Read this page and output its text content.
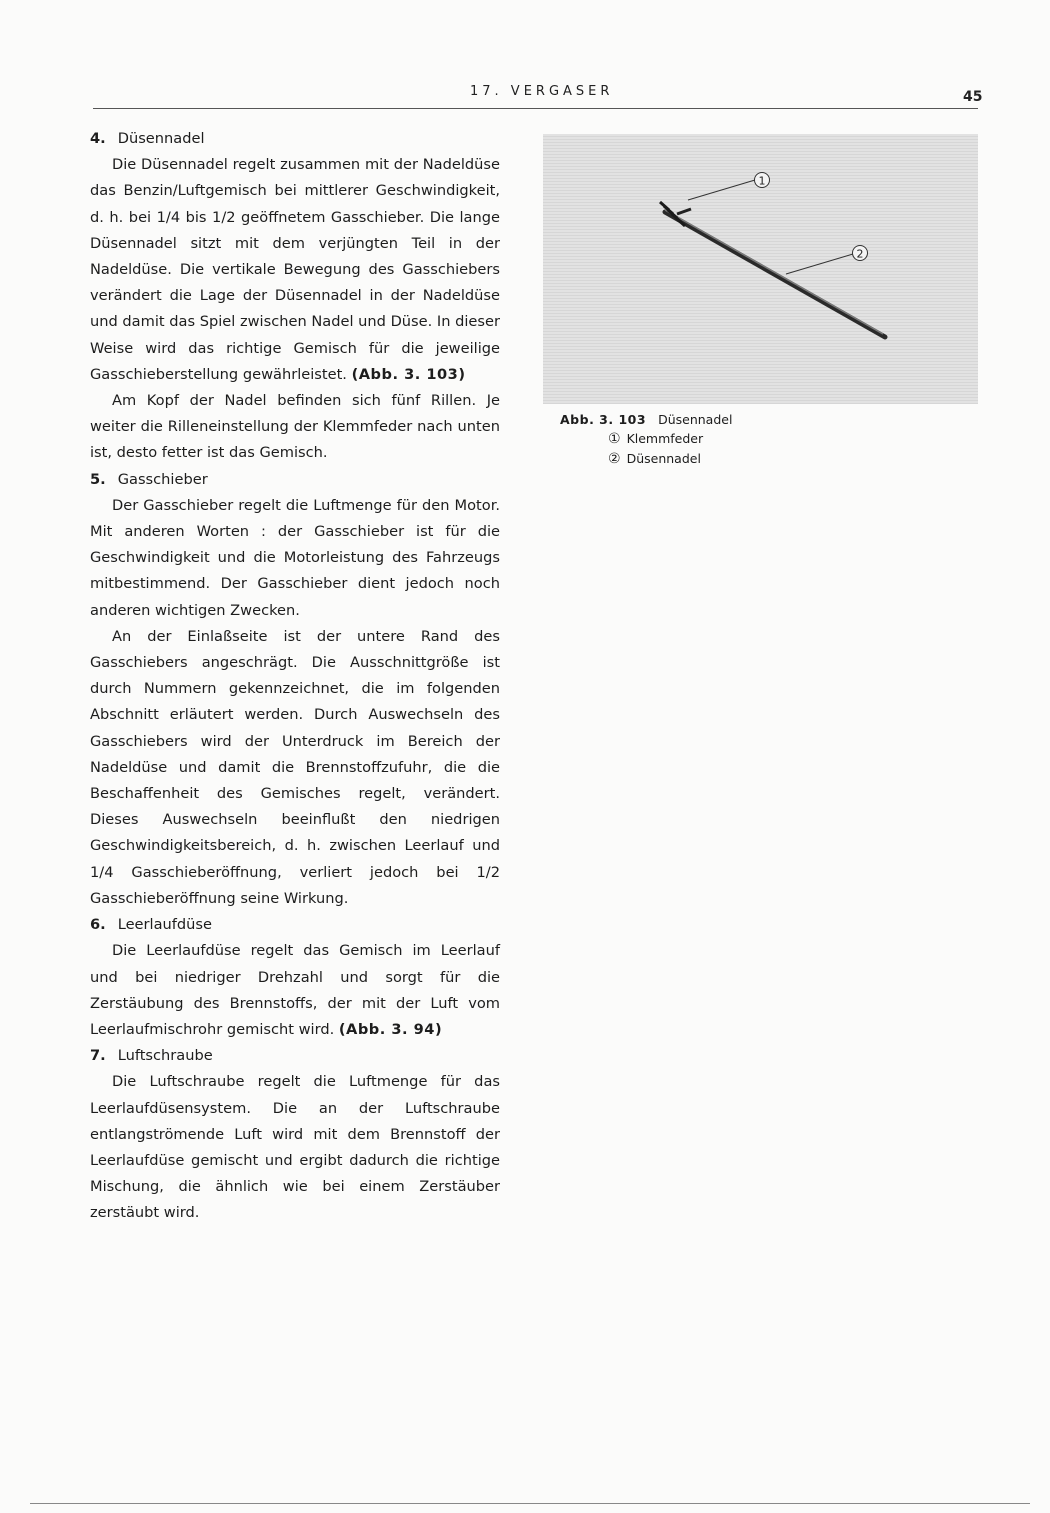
17. VERGASER	45
4. Düsennadel

Die Düsennadel regelt zusammen mit der Nadeldüse das Benzin/Luftgemisch bei mittlerer Geschwindigkeit, d. h. bei 1/4 bis 1/2 geöffnetem Gasschieber. Die lange Düsennadel sitzt mit dem verjüngten Teil in der Nadeldüse. Die vertikale Bewegung des Gasschiebers verändert die Lage der Düsennadel in der Nadeldüse und damit das Spiel zwischen Nadel und Düse. In dieser Weise wird das richtige Gemisch für die jeweilige Gasschieberstellung gewährleistet. (Abb. 3. 103)

Am Kopf der Nadel befinden sich fünf Rillen. Je weiter die Rilleneinstellung der Klemmfeder nach unten ist, desto fetter ist das Gemisch.

5. Gasschieber

Der Gasschieber regelt die Luftmenge für den Motor. Mit anderen Worten : der Gasschieber ist für die Geschwindigkeit und die Motorleistung des Fahrzeugs mitbestimmend. Der Gasschieber dient jedoch noch anderen wichtigen Zwecken.

An der Einlaßseite ist der untere Rand des Gasschiebers angeschrägt. Die Ausschnittgröße ist durch Nummern gekennzeichnet, die im folgenden Abschnitt erläutert werden. Durch Auswechseln des Gasschiebers wird der Unterdruck im Bereich der Nadeldüse und damit die Brennstoffzufuhr, die die Beschaffenheit des Gemisches regelt, verändert. Dieses Auswechseln beeinflußt den niedrigen Geschwindigkeitsbereich, d. h. zwischen Leerlauf und 1/4 Gasschieberöffnung, verliert jedoch bei 1/2 Gasschieberöffnung seine Wirkung.

6. Leerlaufdüse

Die Leerlaufdüse regelt das Gemisch im Leerlauf und bei niedriger Drehzahl und sorgt für die Zerstäubung des Brennstoffs, der mit der Luft vom Leerlaufmischrohr gemischt wird. (Abb. 3. 94)

7. Luftschraube

Die Luftschraube regelt die Luftmenge für das Leerlaufdüsensystem. Die an der Luftschraube entlangströmende Luft wird mit dem Brennstoff der Leerlaufdüse gemischt und ergibt dadurch die richtige Mischung, die ähnlich wie bei einem Zerstäuber zerstäubt wird.

1
2
Abb. 3. 103 Düsennadel
① Klemmfeder
② Düsennadel
